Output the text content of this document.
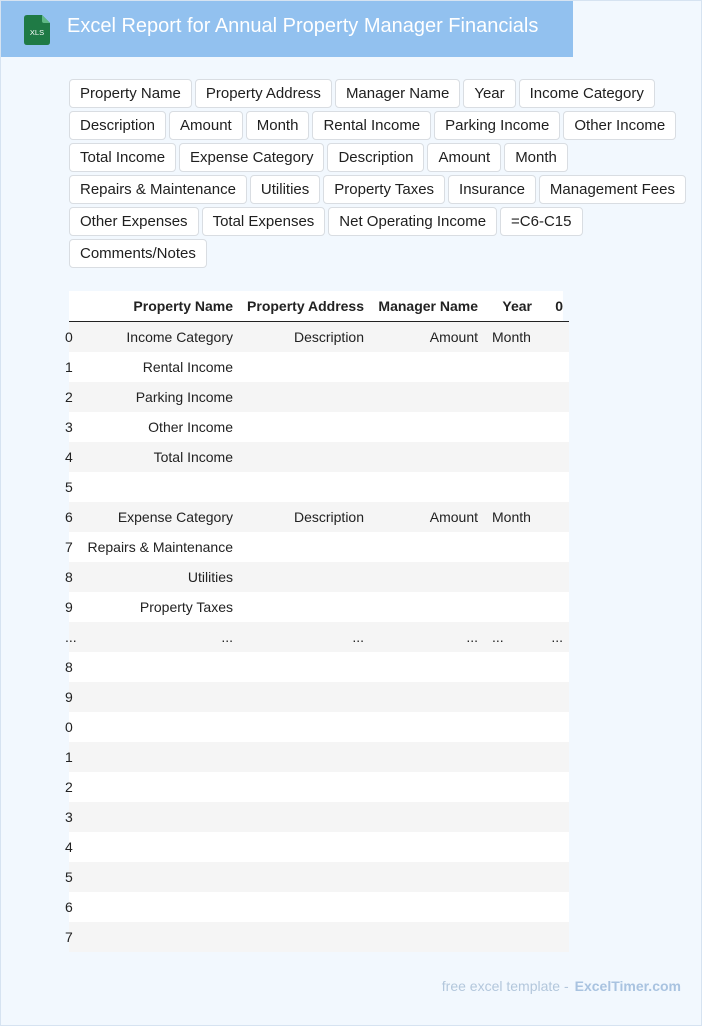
XLS Excel Report for Annual Property Manager Financials
Property Name	Property Address	Manager Name	Year	Income Category
Description	Amount	Month	Rental Income	Parking Income	Other Income
Total Income	Expense Category	Description	Amount	Month
Repairs & Maintenance	Utilities	Property Taxes	Insurance	Management Fees
Other Expenses	Total Expenses	Net Operating Income	=C6-C15
Comments/Notes
	Property Name	Property Address	Manager Name	Year	0

0	Income Category	Description	Amount	Month	

1	Rental Income				

2	Parking Income				

3	Other Income				

4	Total Income				

5					

6	Expense Category	Description	Amount	Month	

7	Repairs & Maintenance				

8	Utilities				

9	Property Taxes				

...	...	...	...	...	...

8					

9					

0					

1					

2					

3					

4					

5					

6					

7					

free excel template - ExcelTimer.com
